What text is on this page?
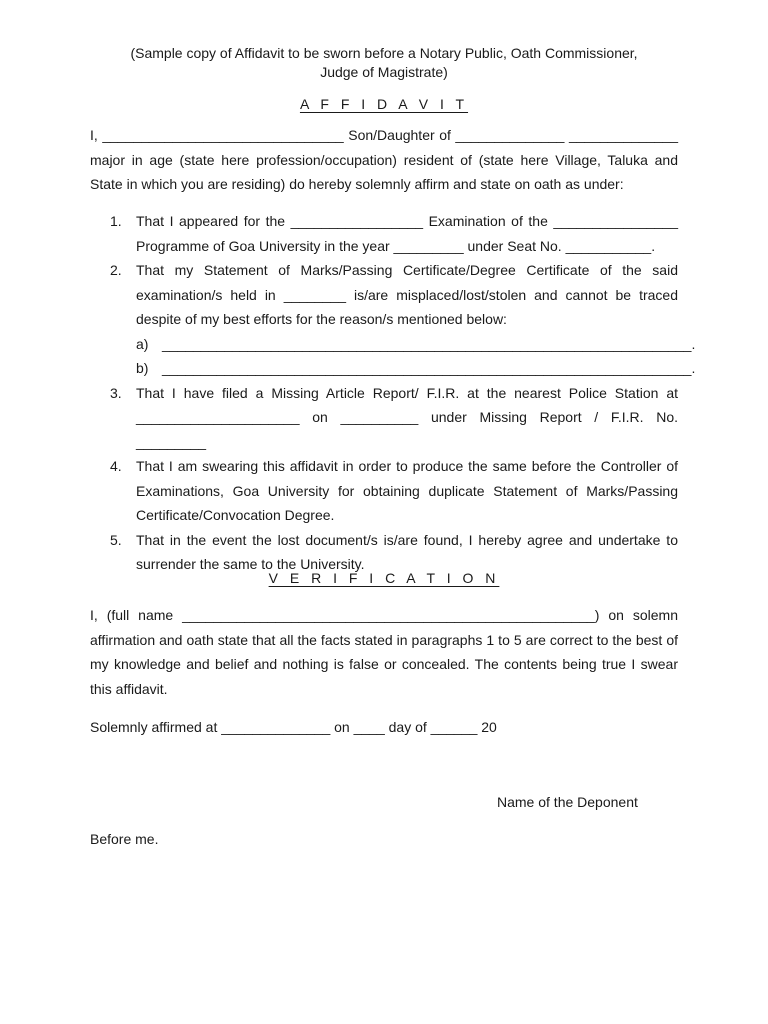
(Sample copy of Affidavit to be sworn before a Notary Public, Oath Commissioner,
Judge of Magistrate)
A F F I D A V I T
I, _______________________________ Son/Daughter of ______________ ______________ major in age (state here profession/occupation) resident of (state here Village, Taluka and State in which you are residing) do hereby solemnly affirm and state on oath as under:
1. That I appeared for the _________________ Examination of the ________________ Programme of Goa University in the year _________ under Seat No. ___________.
2. That my Statement of Marks/Passing Certificate/Degree Certificate of the said examination/s held in ________ is/are misplaced/lost/stolen and cannot be traced despite of my best efforts for the reason/s mentioned below:
a) ____________________________________________________________________.
b) ____________________________________________________________________.
3. That I have filed a Missing Article Report/ F.I.R. at the nearest Police Station at _____________________ on __________ under Missing Report / F.I.R. No. _________
4. That I am swearing this affidavit in order to produce the same before the Controller of Examinations, Goa University for obtaining duplicate Statement of Marks/Passing Certificate/Convocation Degree.
5. That in the event the lost document/s is/are found, I hereby agree and undertake to surrender the same to the University.
V E R I F I C A T I O N
I, (full name _____________________________________________________) on solemn affirmation and oath state that all the facts stated in paragraphs 1 to 5 are correct to the best of my knowledge and belief and nothing is false or concealed. The contents being true I swear this affidavit.
Solemnly affirmed at ______________ on ____ day of ______ 20
Name of the Deponent
Before me.
